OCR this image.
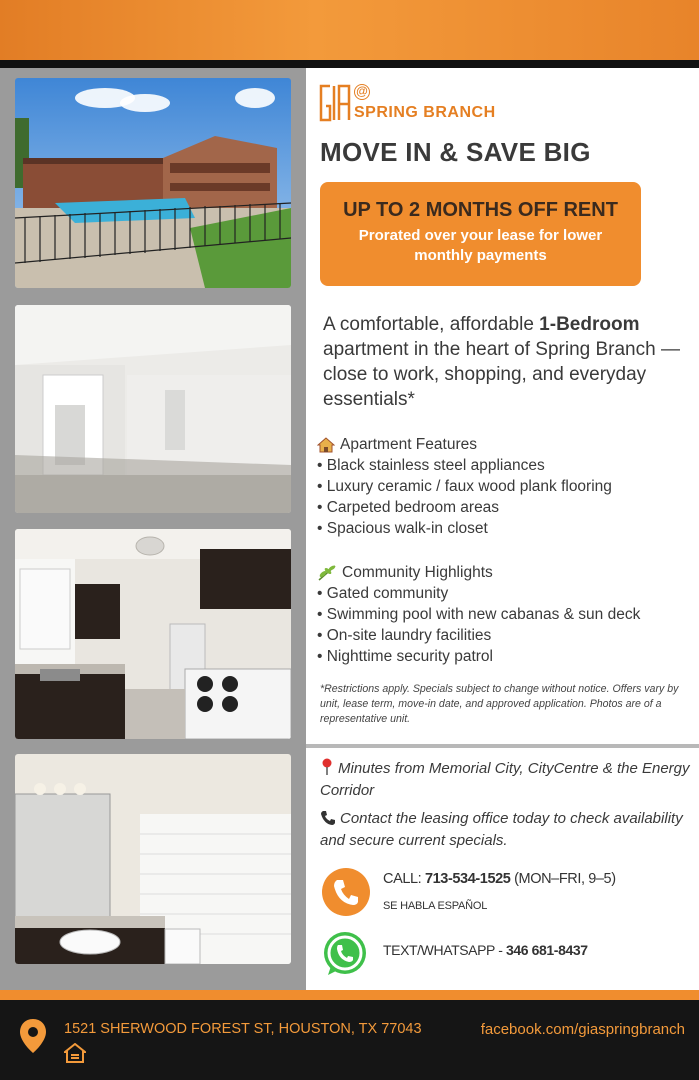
@
SPRING BRANCH
MOVE IN & SAVE BIG
UP TO 2 MONTHS OFF RENT
Prorated over your lease for lower monthly payments
A comfortable, affordable 1-Bedroom apartment in the heart of Spring Branch — close to work, shopping, and everyday essentials*
Apartment Features
• Black stainless steel appliances
• Luxury ceramic / faux wood plank flooring
• Carpeted bedroom areas
• Spacious walk-in closet
Community Highlights
• Gated community
• Swimming pool with new cabanas & sun deck
• On-site laundry facilities
• Nighttime security patrol
*Restrictions apply. Specials subject to change without notice. Offers vary by unit, lease term, move-in date, and approved application. Photos are of a representative unit.
Minutes from Memorial City, CityCentre & the Energy Corridor
Contact the leasing office today to check availability and secure current specials.
CALL: 713-534-1525 (MON–FRI, 9–5)
SE HABLA ESPAÑOL
TEXT/WHATSAPP - 346 681-8437
1521 SHERWOOD FOREST ST, HOUSTON, TX 77043	facebook.com/giaspringbranch
